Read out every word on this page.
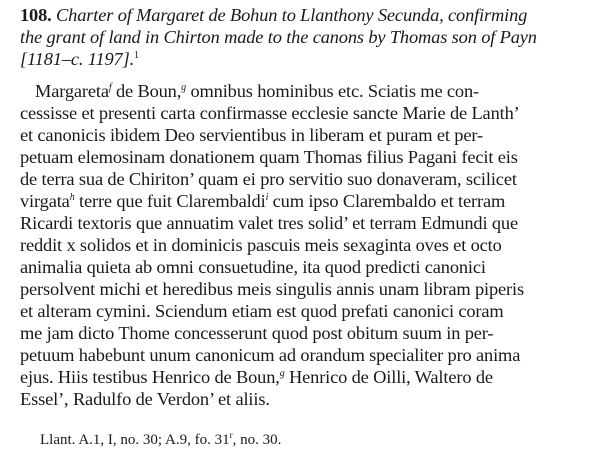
108. Charter of Margaret de Bohun to Llanthony Secunda, confirming
the grant of land in Chirton made to the canons by Thomas son of Payn
[1181–c. 1197].$^1$
Margareta$^f$ de Boun,$^g$ omnibus hominibus etc. Sciatis me con-
cessisse et presenti carta confirmasse ecclesie sancte Marie de Lanth’
et canonicis ibidem Deo servientibus in liberam et puram et per-
petuam elemosinam donationem quam Thomas filius Pagani fecit eis
de terra sua de Chiriton’ quam ei pro servitio suo donaveram, scilicet
virgata$^h$ terre que fuit Clarembaldi$^i$ cum ipso Clarembaldo et terram
Ricardi textoris que annuatim valet tres solid’ et terram Edmundi que
reddit x solidos et in dominicis pascuis meis sexaginta oves et octo
animalia quieta ab omni consuetudine, ita quod predicti canonici
persolvent michi et heredibus meis singulis annis unam libram piperis
et alteram cymini. Sciendum etiam est quod prefati canonici coram
me jam dicto Thome concesserunt quod post obitum suum in per-
petuum habebunt unum canonicum ad orandum specialiter pro anima
ejus. Hiis testibus Henrico de Boun,$^g$ Henrico de Oilli, Waltero de
Essel’, Radulfo de Verdon’ et aliis.
Llant. A.1, I, no. 30; A.9, fo. 31$^r$, no. 30.
